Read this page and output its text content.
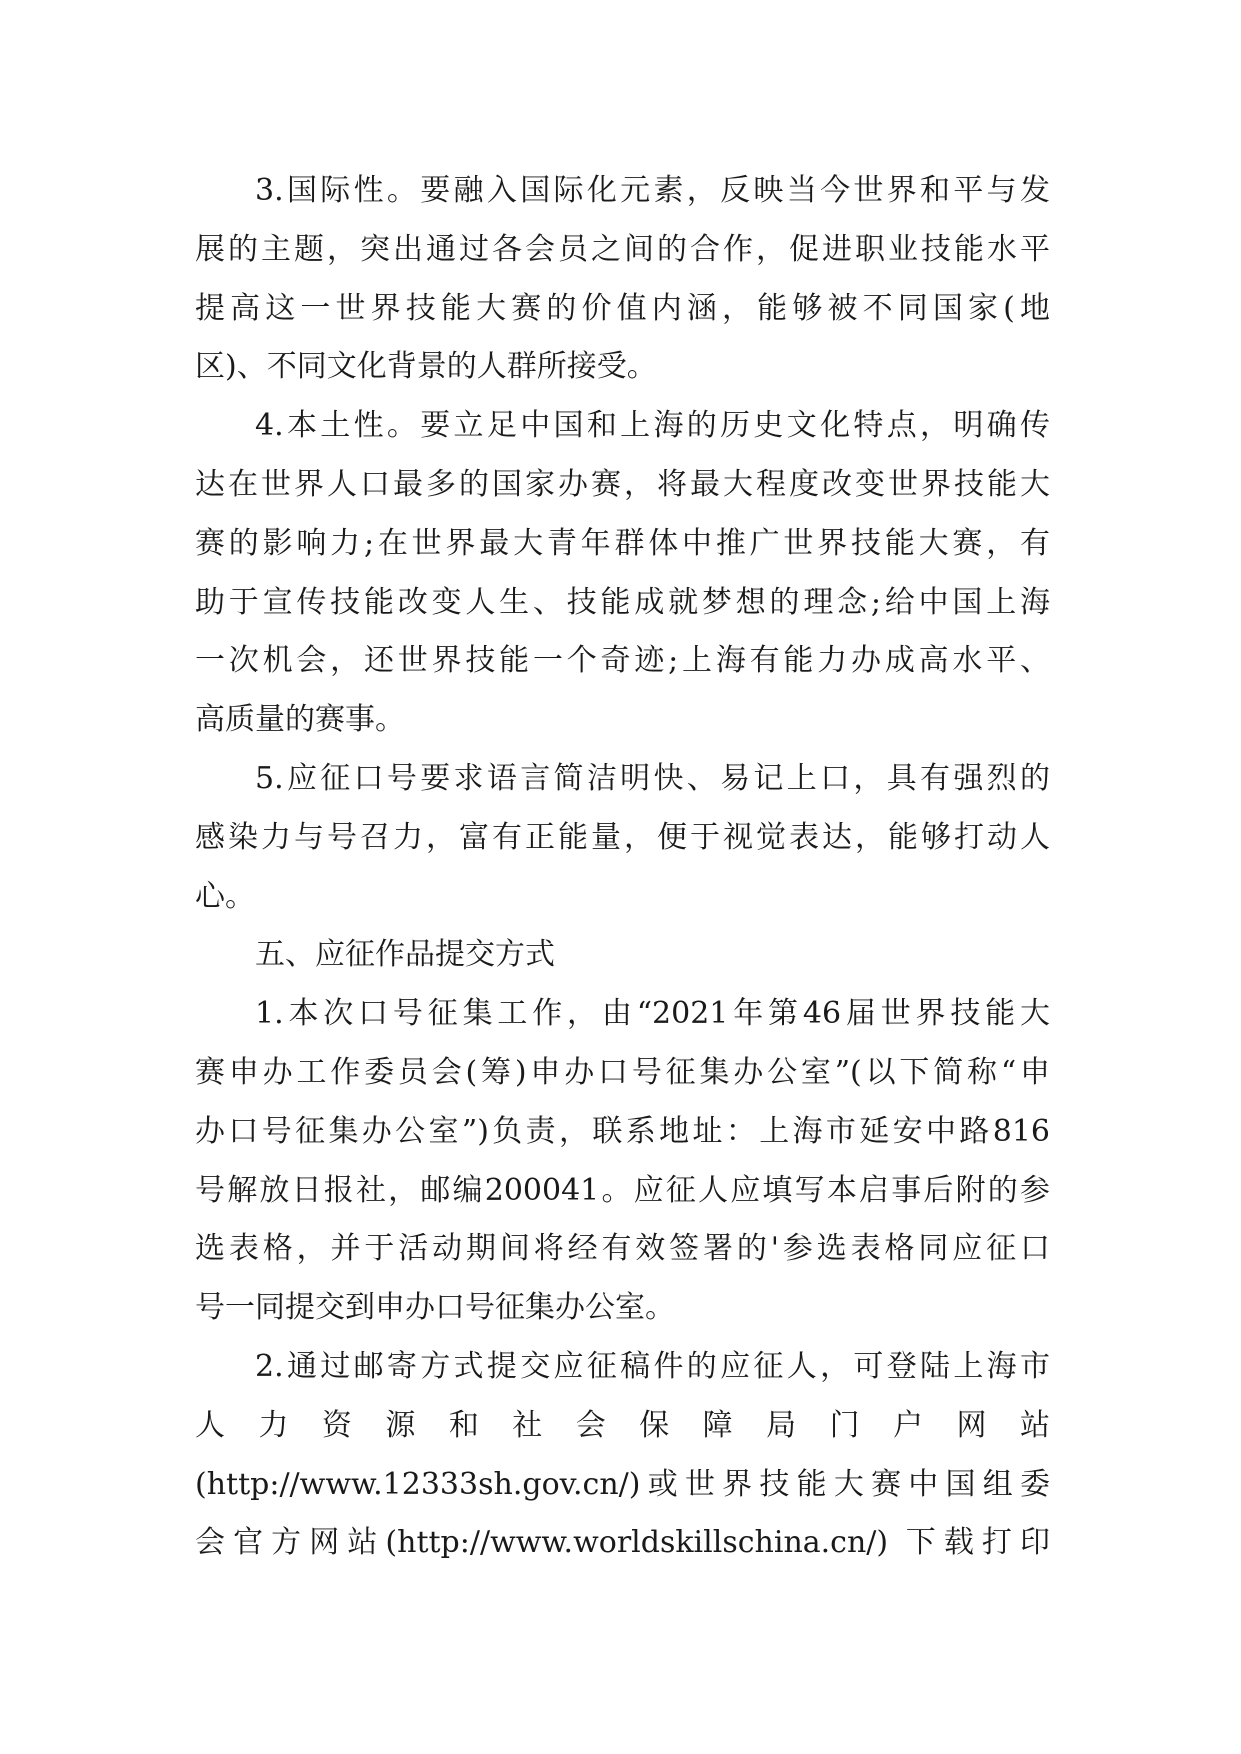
3.国际性。要融入国际化元素，反映当今世界和平与发
展的主题，突出通过各会员之间的合作，促进职业技能水平
提高这一世界技能大赛的价值内涵，能够被不同国家(地
区)、不同文化背景的人群所接受。
4.本土性。要立足中国和上海的历史文化特点，明确传
达在世界人口最多的国家办赛，将最大程度改变世界技能大
赛的影响力;在世界最大青年群体中推广世界技能大赛，有
助于宣传技能改变人生、技能成就梦想的理念;给中国上海
一次机会，还世界技能一个奇迹;上海有能力办成高水平、
高质量的赛事。
5.应征口号要求语言简洁明快、易记上口，具有强烈的
感染力与号召力，富有正能量，便于视觉表达，能够打动人
心。
五、应征作品提交方式
1.本次口号征集工作，由“2021年第46届世界技能大
赛申办工作委员会(筹)申办口号征集办公室”(以下简称“申
办口号征集办公室”)负责，联系地址：上海市延安中路816
号解放日报社，邮编200041。应征人应填写本启事后附的参
选表格，并于活动期间将经有效签署的'参选表格同应征口
号一同提交到申办口号征集办公室。
2.通过邮寄方式提交应征稿件的应征人，可登陆上海市
人 力 资 源 和 社 会 保 障 局 门 户 网 站
(http://www.12333sh.gov.cn/)或世界技能大赛中国组委
会官方网站(http://www.worldskillschina.cn/) 下载打印
